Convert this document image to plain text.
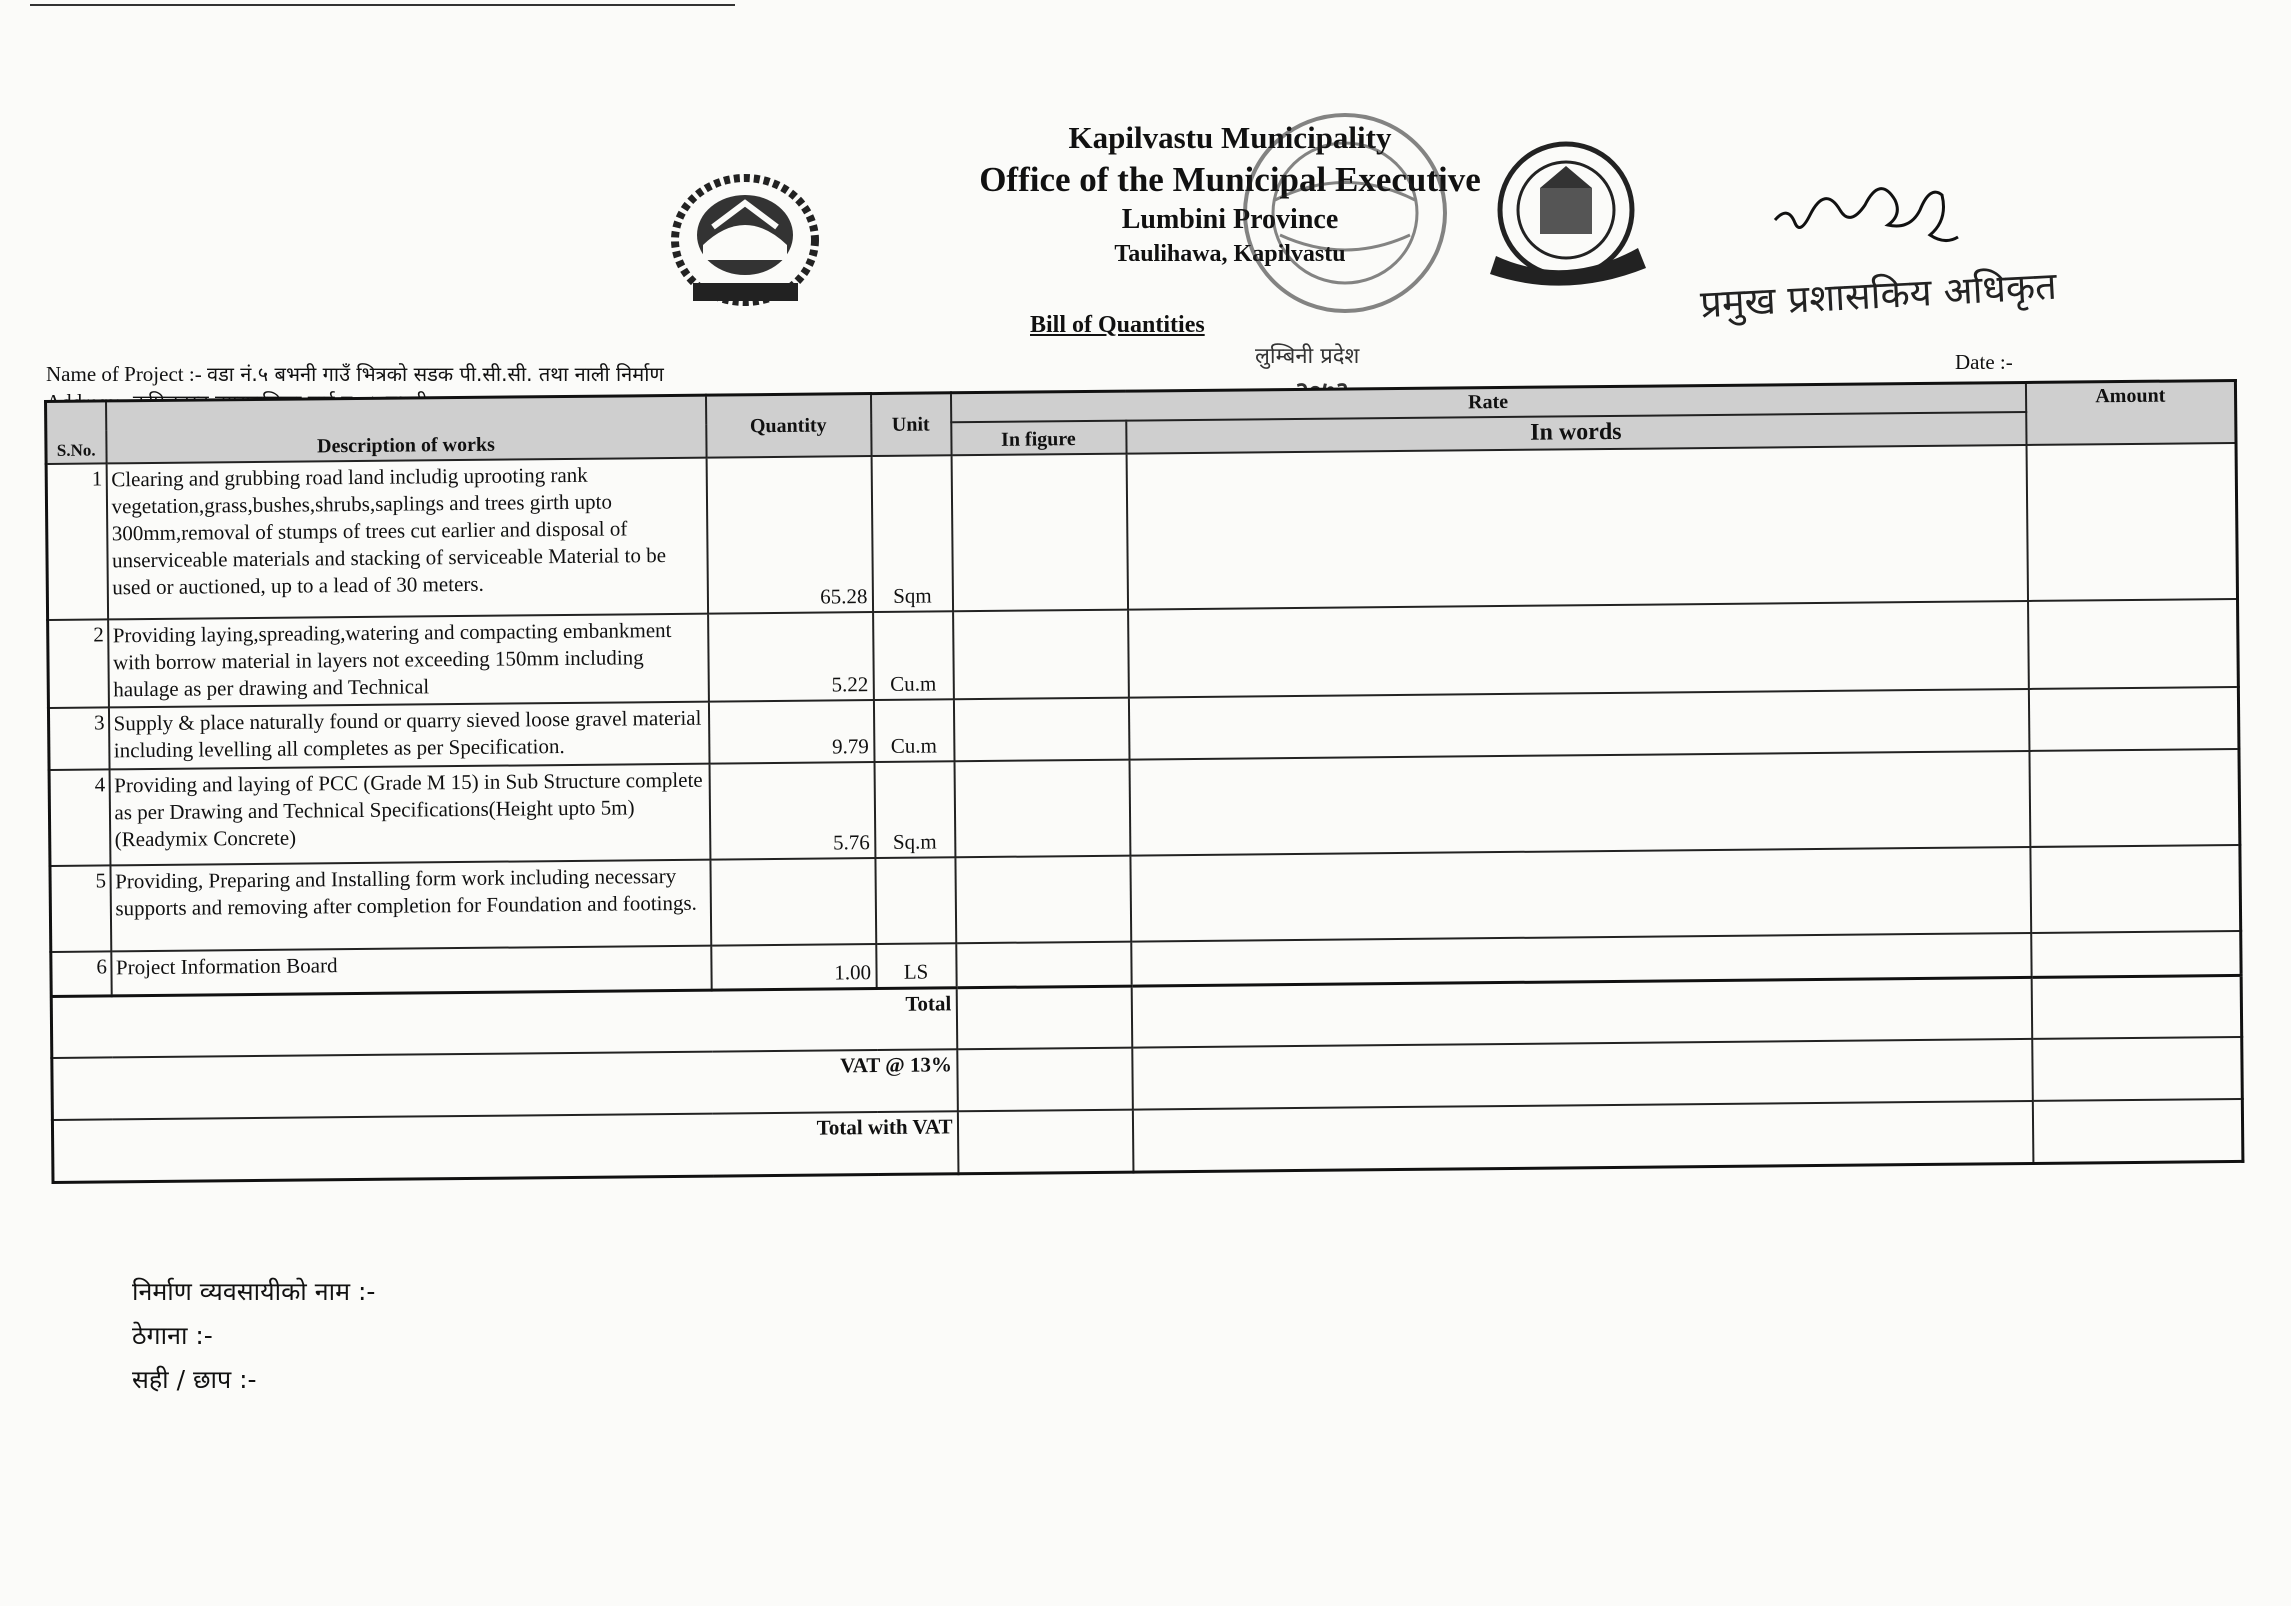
Kapilvastu Municipality
Office of the Municipal Executive
Lumbini Province
Taulihawa, Kapilvastu
Bill of Quantities
लुम्बिनी प्रदेश
प्रमुख प्रशासकिय अधिकृत
Date :-
Name of Project :- वडा नं.५ बभनी गाउँ भित्रको सडक पी.सी.सी. तथा नाली निर्माण
S.No.	Description of works	Quantity	Unit	Rate		Amount
				In figure	In words	
1	Clearing and grubbing road land includig uprooting rank vegetation,grass,bushes,shrubs,saplings and trees girth upto 300mm,removal of stumps of trees cut earlier and disposal of unserviceable materials and stacking of serviceable Material to be used or auctioned, up to a lead of 30 meters.	65.28	Sqm			
2	Providing laying,spreading,watering and compacting embankment with borrow material in layers not exceeding 150mm including haulage as per drawing and Technical	5.22	Cu.m			
3	Supply & place naturally found or quarry sieved loose gravel material including levelling all completes as per Specification.	9.79	Cu.m			
4	Providing and laying of PCC (Grade M 15) in Sub Structure complete as per Drawing and Technical Specifications(Height upto 5m)(Readymix Concrete)	5.76	Sq.m			
5	Providing, Preparing and Installing form work including necessary supports and removing after completion for Foundation and footings.					
6	Project Information Board	1.00	LS			
Total						
VAT @ 13%						
Total with VAT						
निर्माण व्यवसायीको नाम :-
ठेगाना :-
सही / छाप :-
